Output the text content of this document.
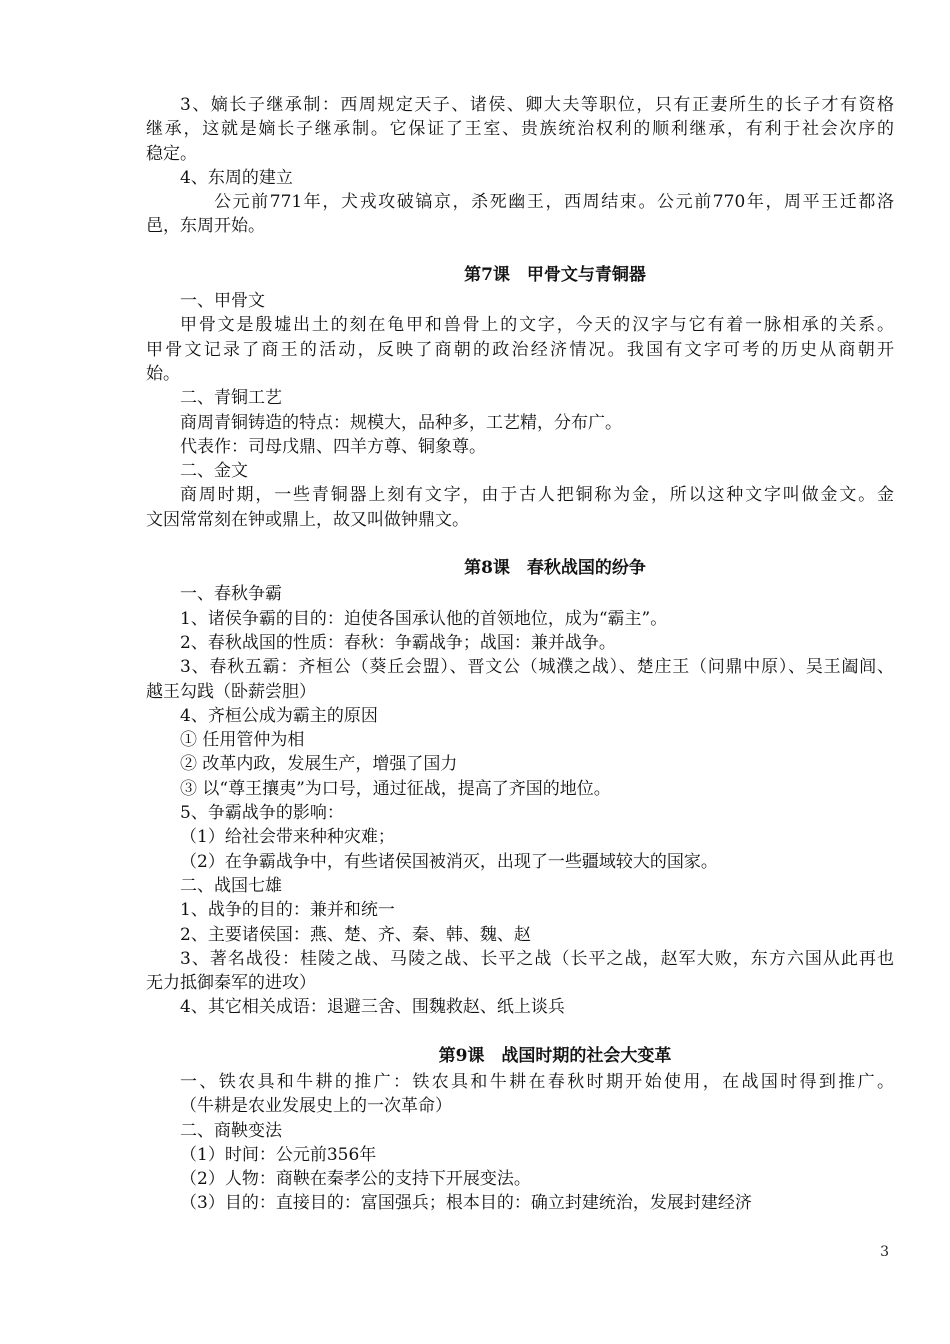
3、嫡长子继承制：西周规定天子、诸侯、卿大夫等职位，只有正妻所生的长子才有资格
继承，这就是嫡长子继承制。它保证了王室、贵族统治权利的顺利继承，有利于社会次序的
稳定。
4、东周的建立
公元前771年，犬戎攻破镐京，杀死幽王，西周结束。公元前770年，周平王迁都洛
邑，东周开始。
第7课　甲骨文与青铜器
一、甲骨文
甲骨文是殷墟出土的刻在龟甲和兽骨上的文字，今天的汉字与它有着一脉相承的关系。
甲骨文记录了商王的活动，反映了商朝的政治经济情况。我国有文字可考的历史从商朝开
始。
二、青铜工艺
商周青铜铸造的特点：规模大，品种多，工艺精，分布广。
代表作：司母戊鼎、四羊方尊、铜象尊。
二、金文
商周时期，一些青铜器上刻有文字，由于古人把铜称为金，所以这种文字叫做金文。金
文因常常刻在钟或鼎上，故又叫做钟鼎文。
第8课　春秋战国的纷争
一、春秋争霸
1、诸侯争霸的目的：迫使各国承认他的首领地位，成为“霸主”。
2、春秋战国的性质：春秋：争霸战争；战国：兼并战争。
3、春秋五霸：齐桓公（葵丘会盟）、晋文公（城濮之战）、楚庄王（问鼎中原）、吴王阖闾、
越王勾践（卧薪尝胆）
4、齐桓公成为霸主的原因
① 任用管仲为相
② 改革内政，发展生产，增强了国力
③ 以“尊王攘夷”为口号，通过征战，提高了齐国的地位。
5、争霸战争的影响：
（1）给社会带来种种灾难；
（2）在争霸战争中，有些诸侯国被消灭，出现了一些疆域较大的国家。
二、战国七雄
1、战争的目的：兼并和统一
2、主要诸侯国：燕、楚、齐、秦、韩、魏、赵
3、著名战役：桂陵之战、马陵之战、长平之战（长平之战，赵军大败，东方六国从此再也
无力抵御秦军的进攻）
4、其它相关成语：退避三舍、围魏救赵、纸上谈兵
第9课　战国时期的社会大变革
一、铁农具和牛耕的推广：铁农具和牛耕在春秋时期开始使用，在战国时得到推广。
（牛耕是农业发展史上的一次革命）
二、商鞅变法
（1）时间：公元前356年
（2）人物：商鞅在秦孝公的支持下开展变法。
（3）目的：直接目的：富国强兵；根本目的：确立封建统治，发展封建经济
3
